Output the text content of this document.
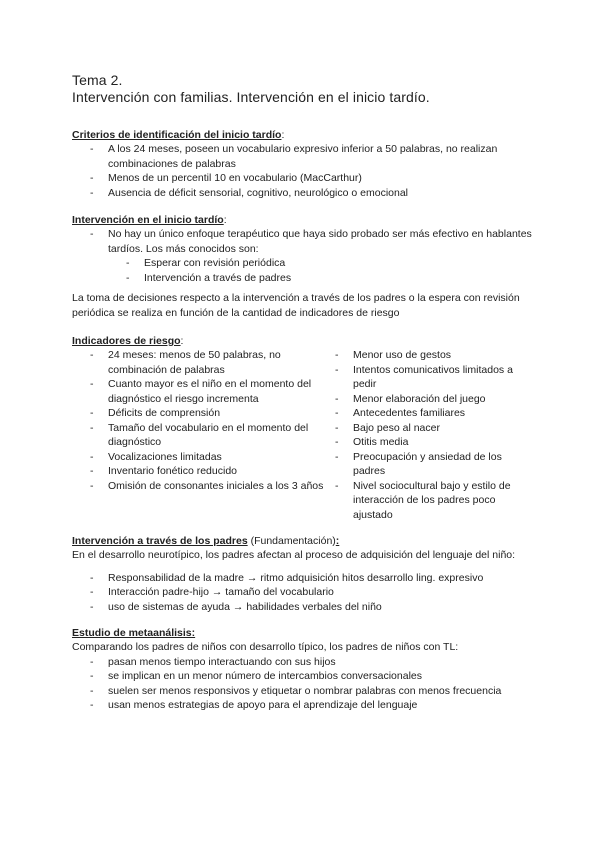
Tema 2.
Intervención con familias. Intervención en el inicio tardío.
Criterios de identificación del inicio tardío:
- A los 24 meses, poseen un vocabulario expresivo inferior a 50 palabras, no realizan combinaciones de palabras
- Menos de un percentil 10 en vocabulario (MacCarthur)
- Ausencia de déficit sensorial, cognitivo, neurológico o emocional
Intervención en el inicio tardío:
- No hay un único enfoque terapéutico que haya sido probado ser más efectivo en hablantes tardíos. Los más conocidos son:
- Esperar con revisión periódica
- Intervención a través de padres

La toma de decisiones respecto a la intervención a través de los padres o la espera con revisión periódica se realiza en función de la cantidad de indicadores de riesgo

Indicadores de riesgo:
- 24 meses: menos de 50 palabras, no combinación de palabras
- Cuanto mayor es el niño en el momento del diagnóstico el riesgo incrementa
- Déficits de comprensión
- Tamaño del vocabulario en el momento del diagnóstico
- Vocalizaciones limitadas
- Inventario fonético reducido
- Omisión de consonantes iniciales a los 3 años
- Menor uso de gestos
- Intentos comunicativos limitados a pedir
- Menor elaboración del juego
- Antecedentes familiares
- Bajo peso al nacer
- Otitis media
- Preocupación y ansiedad de los padres
- Nivel sociocultural bajo y estilo de interacción de los padres poco ajustado
Intervención a través de los padres (Fundamentación):

En el desarrollo neurotípico, los padres afectan al proceso de adquisición del lenguaje del niño:

- Responsabilidad de la madre → ritmo adquisición hitos desarrollo ling. expresivo
- Interacción padre-hijo → tamaño del vocabulario
- uso de sistemas de ayuda → habilidades verbales del niño
Estudio de metaanálisis:

Comparando los padres de niños con desarrollo típico, los padres de niños con TL:

- pasan menos tiempo interactuando con sus hijos
- se implican en un menor número de intercambios conversacionales
- suelen ser menos responsivos y etiquetar o nombrar palabras con menos frecuencia
- usan menos estrategias de apoyo para el aprendizaje del lenguaje
